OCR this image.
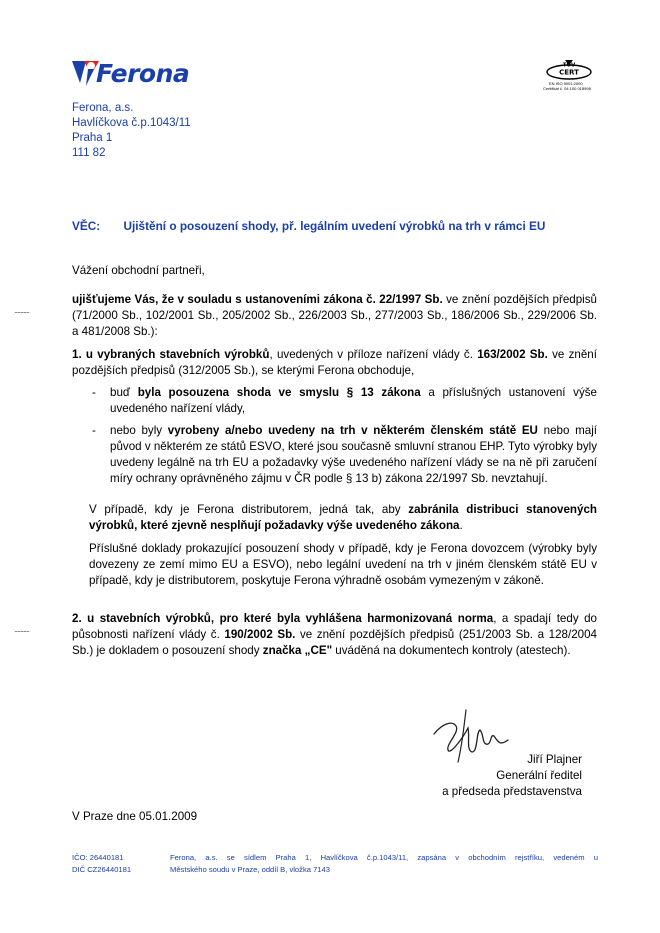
Ferona	TÜV
CERT
EN ISO 9001:2000
Certifikát č. 04 100 018998
Ferona, a.s.
Havlíčkova č.p.1043/11
Praha 1
111 82
VĚC: Ujištění o posouzení shody, př. legálním uvedení výrobků na trh v rámci EU
Vážení obchodní partneři,
..........
..........

ujišťujeme Vás, že v souladu s ustanoveními zákona č. 22/1997 Sb. ve znění pozdějších předpisů (71/2000 Sb., 102/2001 Sb., 205/2002 Sb., 226/2003 Sb., 277/2003 Sb., 186/2006 Sb., 229/2006 Sb. a 481/2008 Sb.):

1. u vybraných stavebních výrobků, uvedených v příloze nařízení vlády č. 163/2002 Sb. ve znění pozdějších předpisů (312/2005 Sb.), se kterými Ferona obchoduje,

- buď byla posouzena shoda ve smyslu § 13 zákona a příslušných ustanovení výše uvedeného nařízení vlády,

- nebo byly vyrobeny a/nebo uvedeny na trh v některém členském státě EU nebo mají původ v některém ze států ESVO, které jsou současně smluvní stranou EHP. Tyto výrobky byly uvedeny legálně na trh EU a požadavky výše uvedeného nařízení vlády se na ně při zaručení míry ochrany oprávněného zájmu v ČR podle § 13 b) zákona 22/1997 Sb. nevztahují.

V případě, kdy je Ferona distributorem, jedná tak, aby zabránila distribuci stanovených výrobků, které zjevně nesplňují požadavky výše uvedeného zákona.

Příslušné doklady prokazující posouzení shody v případě, kdy je Ferona dovozcem (výrobky byly dovezeny ze zemí mimo EU a ESVO), nebo legální uvedení na trh v jiném členském státě EU v případě, kdy je distributorem, poskytuje Ferona výhradně osobám vymezeným v zákoně.

2. u stavebních výrobků, pro které byla vyhlášena harmonizovaná norma, a spadají tedy do působnosti nařízení vlády č. 190/2002 Sb. ve znění pozdějších předpisů (251/2003 Sb. a 128/2004 Sb.) je dokladem o posouzení shody značka „CE" uváděná na dokumentech kontroly (atestech).

Jiří Plajner
Generální ředitel
a předseda představenstva
V Praze dne 05.01.2009
IČO: 26440181
DIČ CZ26440181
Ferona, a.s. se sídlem Praha 1, Havlíčkova č.p.1043/11, zapsána v obchodním rejstříku, vedeném u
Městského soudu v Praze, oddíl B, vložka 7143
